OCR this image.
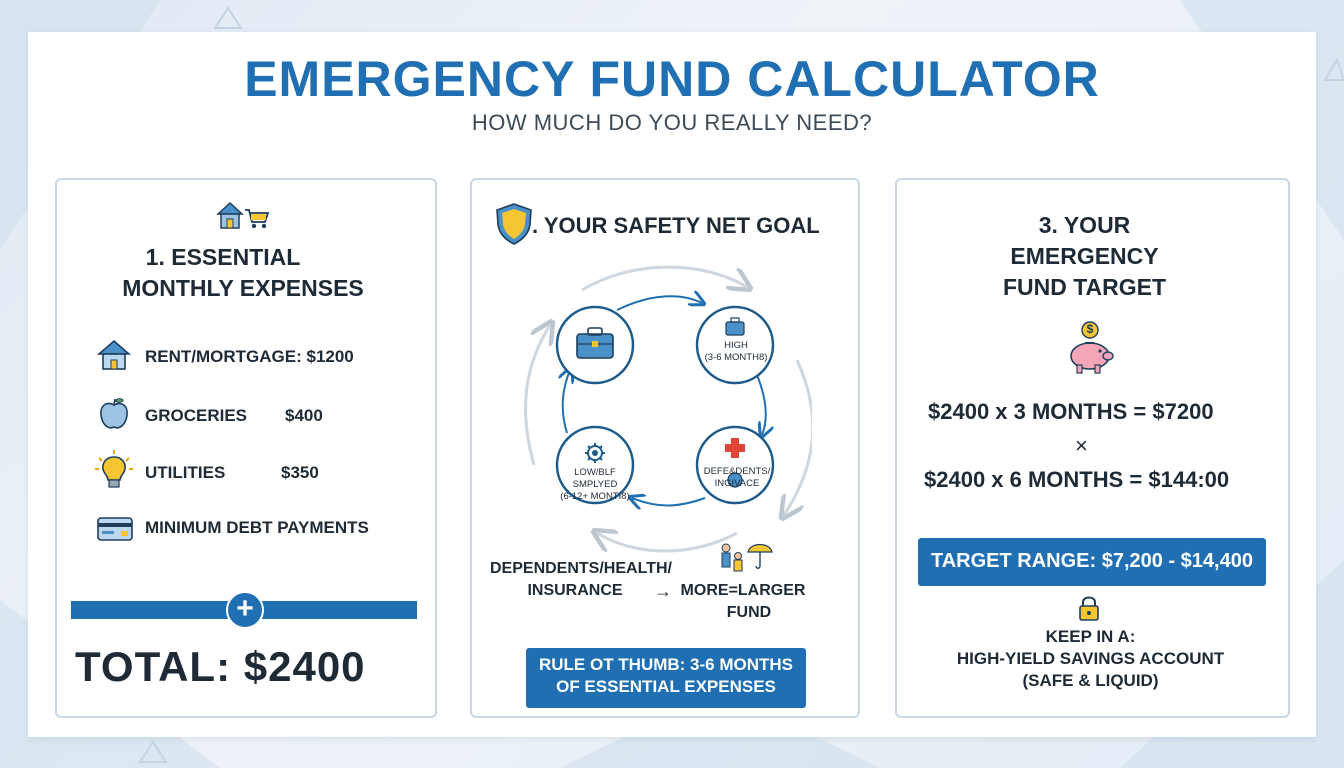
EMERGENCY FUND CALCULATOR
HOW MUCH DO YOU REALLY NEED?
1. ESSENTIAL
MONTHLY EXPENSES
RENT/MORTGAGE: $1200
GROCERIES $400
UTILITIES	$350
MINIMUM DEBT PAYMENTS
+
TOTAL: $2400
. YOUR SAFETY NET GOAL
HIGH
(3-6 MONTH8)
LOW/BLF SMPLYED
(6-12+ MONTI8)
DEFE&DENTS/
INGIVACE
DEPENDENTS/HEALTH/
INSURANCE	→ MORE=LARGER
FUND
RULE OT THUMB: 3-6 MONTHS
OF ESSENTIAL EXPENSES
3. YOUR
EMERGENCY
FUND TARGET
$
$2400 x 3 MONTHS = $7200
×
$2400 x 6 MONTHS = $144:00
TARGET RANGE: $7,200 - $14,400
KEEP IN A:
HIGH-YIELD SAVINGS ACCOUNT
(SAFE & LIQUID)
